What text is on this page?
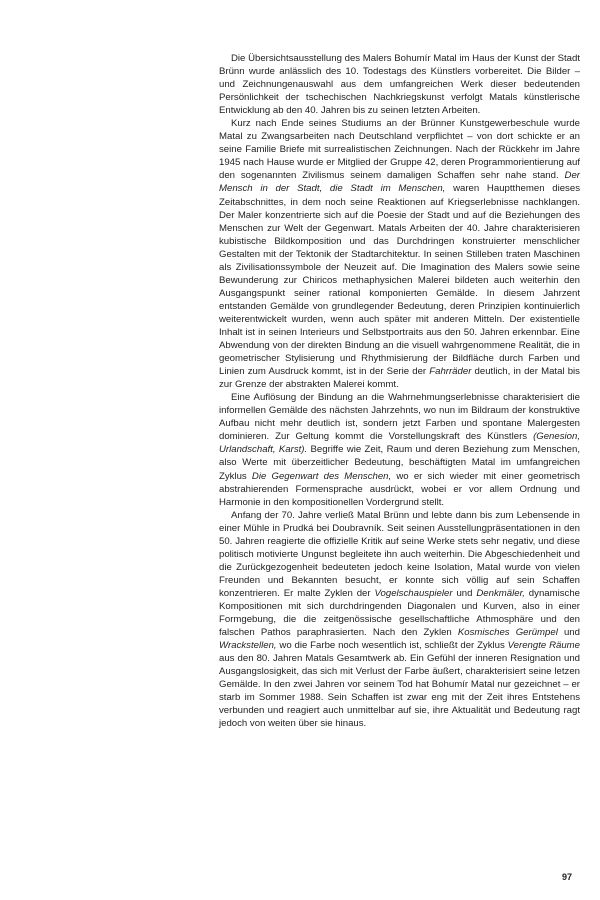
Die Übersichtsausstellung des Malers Bohumír Matal im Haus der Kunst der Stadt Brünn wurde anlässlich des 10. Todestags des Künstlers vorbereitet. Die Bilder – und Zeichnungenauswahl aus dem umfangreichen Werk dieser bedeutenden Persönlichkeit der tschechischen Nachkriegskunst verfolgt Matals künstlerische Entwicklung ab den 40. Jahren bis zu seinen letzten Arbeiten.

Kurz nach Ende seines Studiums an der Brünner Kunstgewerbeschule wurde Matal zu Zwangsarbeiten nach Deutschland verpflichtet – von dort schickte er an seine Familie Briefe mit surrealistischen Zeichnungen. Nach der Rückkehr im Jahre 1945 nach Hause wurde er Mitglied der Gruppe 42, deren Programmorientierung auf den sogenannten Zivilismus seinem damaligen Schaffen sehr nahe stand. Der Mensch in der Stadt, die Stadt im Menschen, waren Hauptthemen dieses Zeitabschnittes, in dem noch seine Reaktionen auf Kriegserlebnisse nachklangen. Der Maler konzentrierte sich auf die Poesie der Stadt und auf die Beziehungen des Menschen zur Welt der Gegenwart. Matals Arbeiten der 40. Jahre charakterisieren kubistische Bildkomposition und das Durchdringen konstruierter menschlicher Gestalten mit der Tektonik der Stadtarchitektur. In seinen Stilleben traten Maschinen als Zivilisationssymbole der Neuzeit auf. Die Imagination des Malers sowie seine Bewunderung zur Chiricos methaphysichen Malerei bildeten auch weiterhin den Ausgangspunkt seiner rational komponierten Gemälde. In diesem Jahrzent entstanden Gemälde von grundlegender Bedeutung, deren Prinzipien kontinuierlich weiterentwickelt wurden, wenn auch später mit anderen Mitteln. Der existentielle Inhalt ist in seinen Interieurs und Selbstportraits aus den 50. Jahren erkennbar. Eine Abwendung von der direkten Bindung an die visuell wahrgenommene Realität, die in geometrischer Stylisierung und Rhythmisierung der Bildfläche durch Farben und Linien zum Ausdruck kommt, ist in der Serie der Fahrräder deutlich, in der Matal bis zur Grenze der abstrakten Malerei kommt.

Eine Auflösung der Bindung an die Wahrnehmungserlebnisse charakterisiert die informellen Gemälde des nächsten Jahrzehnts, wo nun im Bildraum der konstruktive Aufbau nicht mehr deutlich ist, sondern jetzt Farben und spontane Malergesten dominieren. Zur Geltung kommt die Vorstellungskraft des Künstlers (Genesion, Urlandschaft, Karst). Begriffe wie Zeit, Raum und deren Beziehung zum Menschen, also Werte mit überzeitlicher Bedeutung, beschäftigten Matal im umfangreichen Zyklus Die Gegenwart des Menschen, wo er sich wieder mit einer geometrisch abstrahierenden Formensprache ausdrückt, wobei er vor allem Ordnung und Harmonie in den kompositionellen Vordergrund stellt.

Anfang der 70. Jahre verließ Matal Brünn und lebte dann bis zum Lebensende in einer Mühle in Prudká bei Doubravník. Seit seinen Ausstellungpräsentationen in den 50. Jahren reagierte die offizielle Kritik auf seine Werke stets sehr negativ, und diese politisch motivierte Ungunst begleitete ihn auch weiterhin. Die Abgeschiedenheit und die Zurückgezogenheit bedeuteten jedoch keine Isolation, Matal wurde von vielen Freunden und Bekannten besucht, er konnte sich völlig auf sein Schaffen konzentrieren. Er malte Zyklen der Vogelschauspieler und Denkmäler, dynamische Kompositionen mit sich durchdringenden Diagonalen und Kurven, also in einer Formgebung, die die zeitgenössische gesellschaftliche Athmosphäre und den falschen Pathos paraphrasierten. Nach den Zyklen Kosmisches Gerümpel und Wrackstellen, wo die Farbe noch wesentlich ist, schließt der Zyklus Verengte Räume aus den 80. Jahren Matals Gesamtwerk ab. Ein Gefühl der inneren Resignation und Ausgangslosigkeit, das sich mit Verlust der Farbe äußert, charakterisiert seine letzen Gemälde. In den zwei Jahren vor seinem Tod hat Bohumír Matal nur gezeichnet – er starb im Sommer 1988. Sein Schaffen ist zwar eng mit der Zeit ihres Entstehens verbunden und reagiert auch unmittelbar auf sie, ihre Aktualität und Bedeutung ragt jedoch von weiten über sie hinaus.

97
